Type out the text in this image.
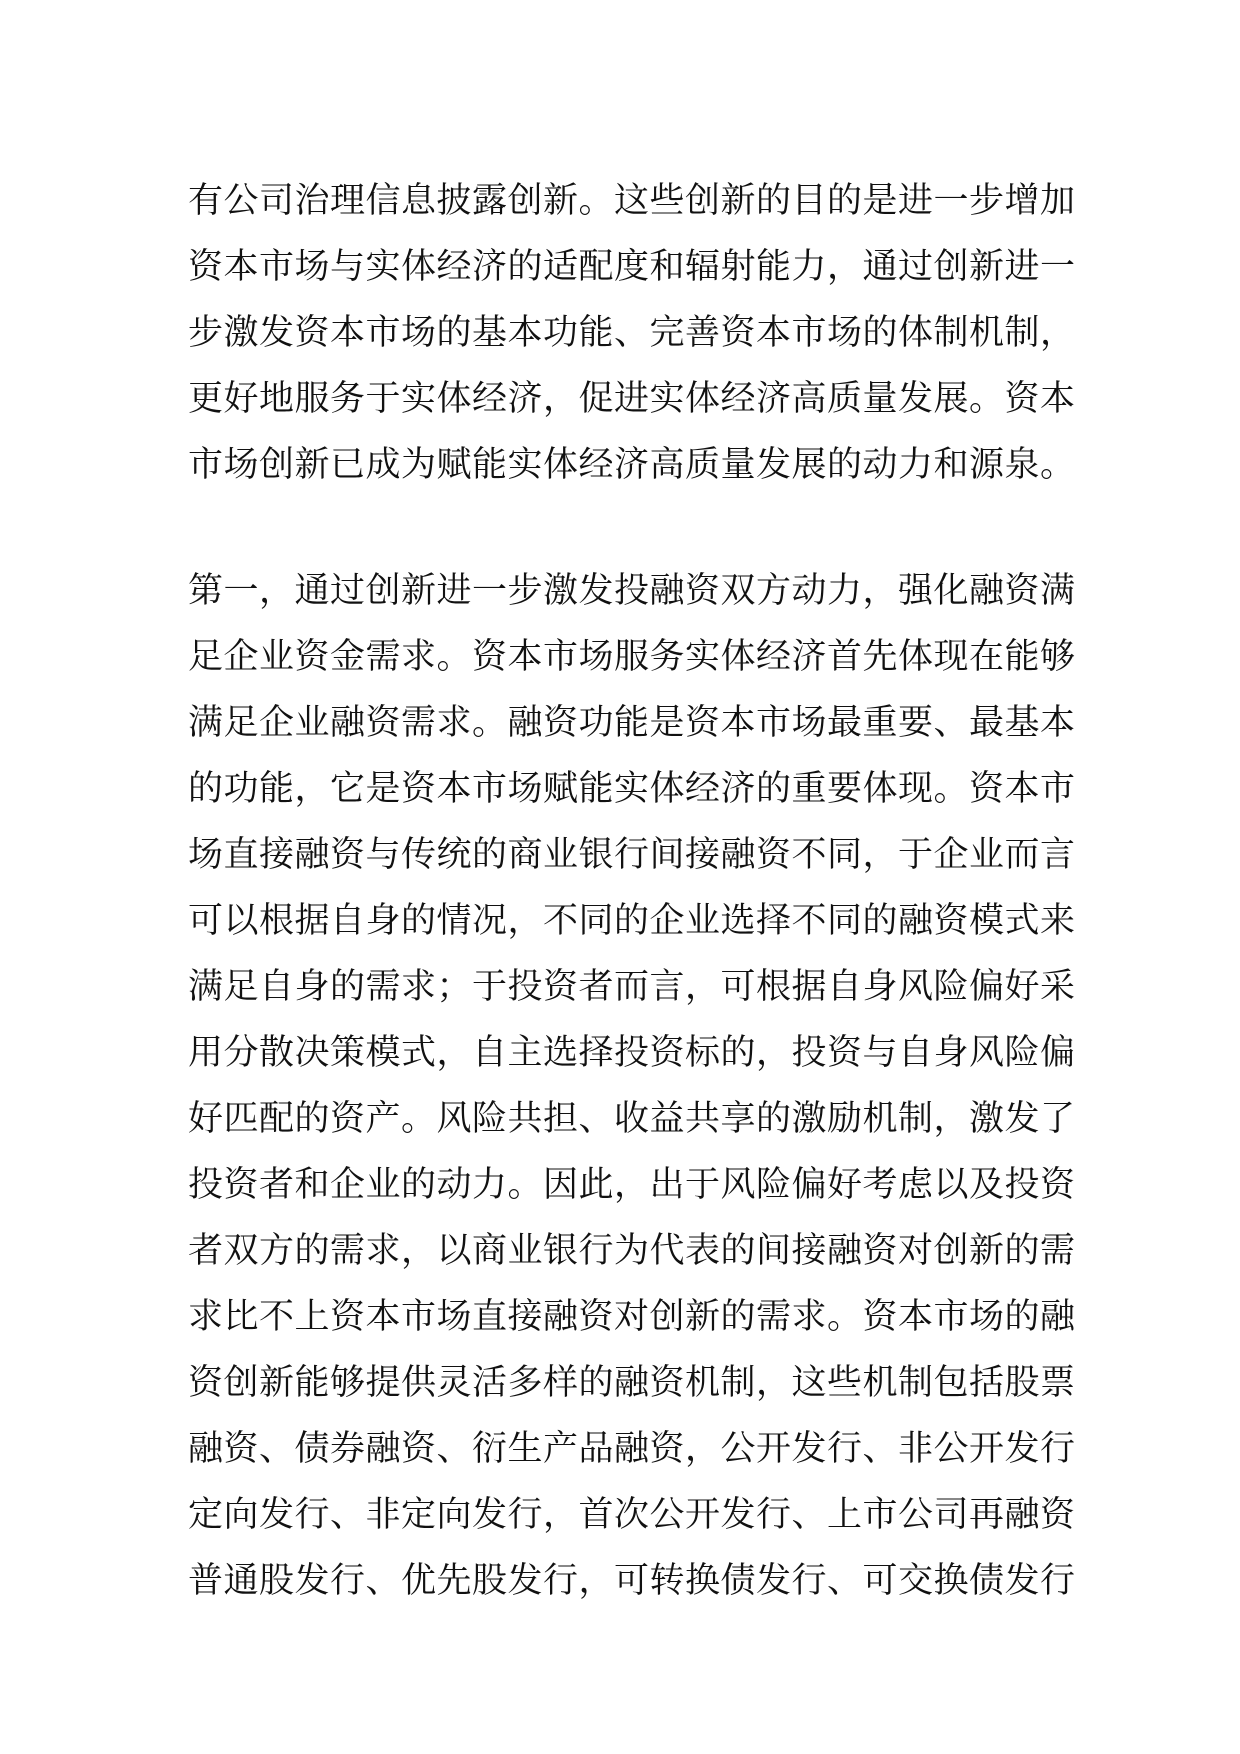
有公司治理信息披露创新。这些创新的目的是进一步增加
资本市场与实体经济的适配度和辐射能力，通过创新进一
步激发资本市场的基本功能、完善资本市场的体制机制，
更好地服务于实体经济，促进实体经济高质量发展。资本
市场创新已成为赋能实体经济高质量发展的动力和源泉。
第一，通过创新进一步激发投融资双方动力，强化融资满
足企业资金需求。资本市场服务实体经济首先体现在能够
满足企业融资需求。融资功能是资本市场最重要、最基本
的功能，它是资本市场赋能实体经济的重要体现。资本市
场直接融资与传统的商业银行间接融资不同，于企业而言
可以根据自身的情况，不同的企业选择不同的融资模式来
满足自身的需求；于投资者而言，可根据自身风险偏好采
用分散决策模式，自主选择投资标的，投资与自身风险偏
好匹配的资产。风险共担、收益共享的激励机制，激发了
投资者和企业的动力。因此，出于风险偏好考虑以及投资
者双方的需求，以商业银行为代表的间接融资对创新的需
求比不上资本市场直接融资对创新的需求。资本市场的融
资创新能够提供灵活多样的融资机制，这些机制包括股票
融资、债券融资、衍生产品融资，公开发行、非公开发行
定向发行、非定向发行，首次公开发行、上市公司再融资
普通股发行、优先股发行，可转换债发行、可交换债发行
